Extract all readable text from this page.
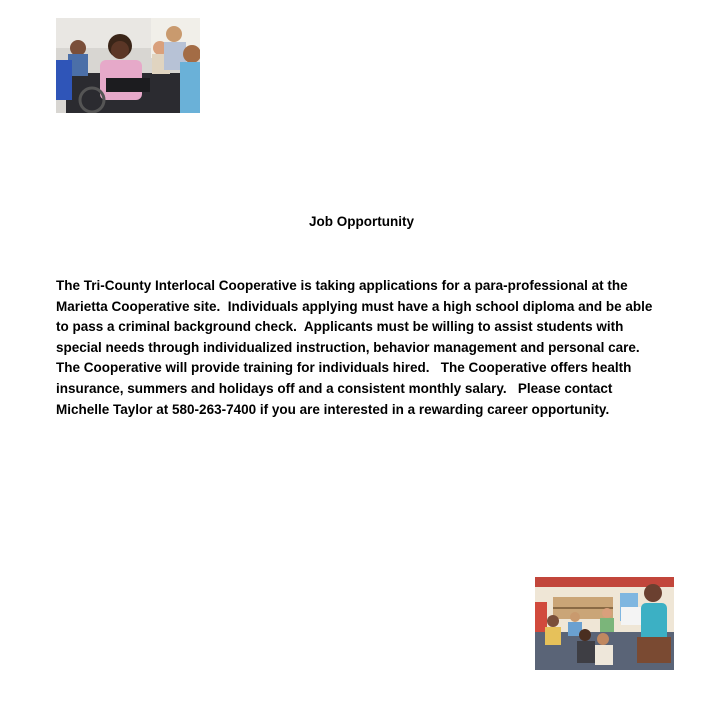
Job Opportunity

The Tri-County Interlocal Cooperative is taking applications for a para-professional at the
Marietta Cooperative site.  Individuals applying must have a high school diploma and be able
to pass a criminal background check.  Applicants must be willing to assist students with
special needs through individualized instruction, behavior management and personal care.
The Cooperative will provide training for individuals hired.   The Cooperative offers health
insurance, summers and holidays off and a consistent monthly salary.   Please contact
Michelle Taylor at 580-263-7400 if you are interested in a rewarding career opportunity.
